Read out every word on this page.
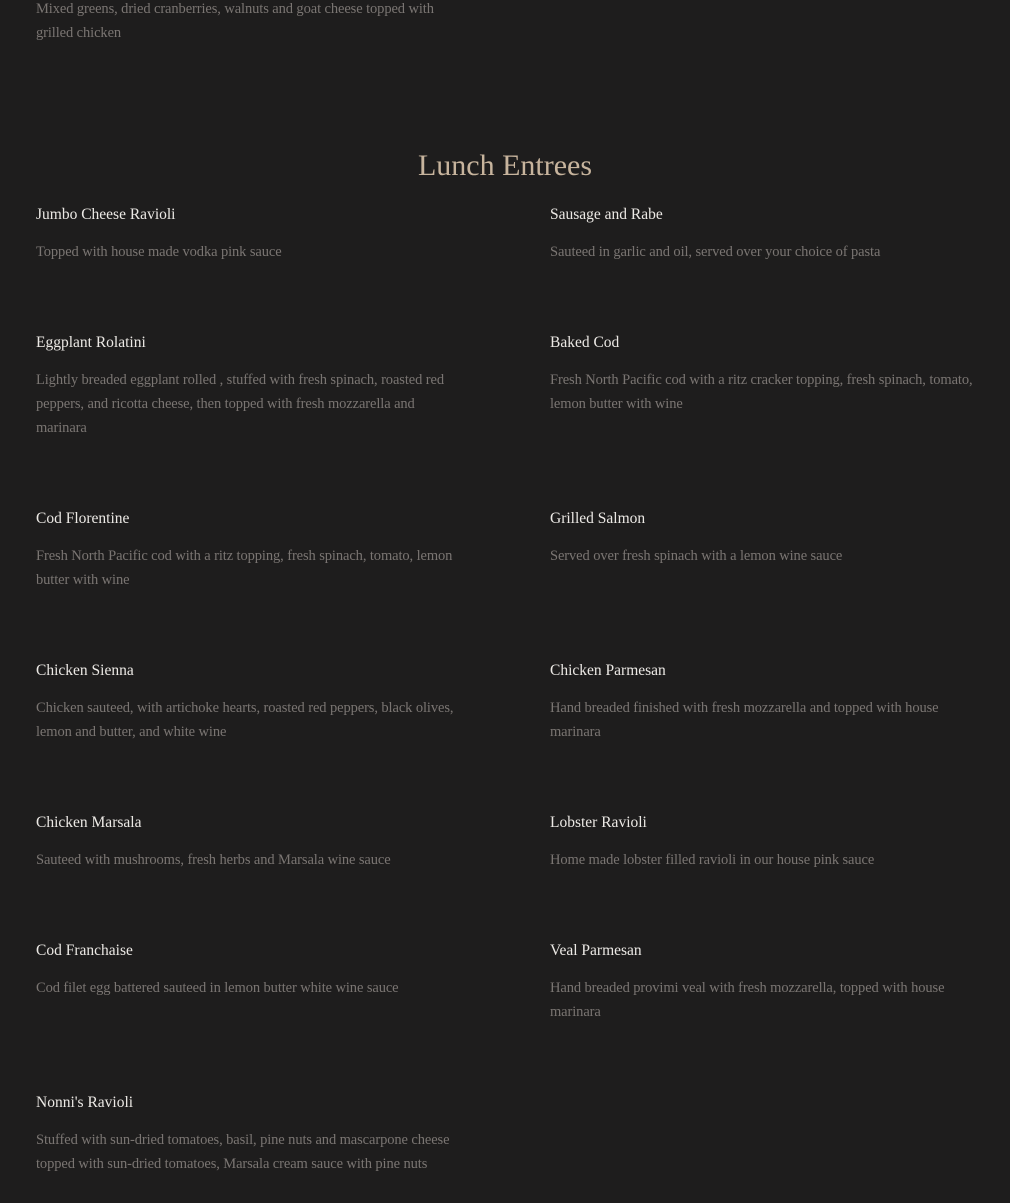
Mixed greens, dried cranberries, walnuts and goat cheese topped with grilled chicken
Lunch Entrees
Jumbo Cheese Ravioli
Topped with house made vodka pink sauce
Sausage and Rabe
Sauteed in garlic and oil, served over your choice of pasta
Eggplant Rolatini
Lightly breaded eggplant rolled , stuffed with fresh spinach, roasted red peppers, and ricotta cheese, then topped with fresh mozzarella and marinara
Baked Cod
Fresh North Pacific cod with a ritz cracker topping, fresh spinach, tomato, lemon butter with wine
Cod Florentine
Fresh North Pacific cod with a ritz topping, fresh spinach, tomato, lemon butter with wine
Grilled Salmon
Served over fresh spinach with a lemon wine sauce
Chicken Sienna
Chicken sauteed, with artichoke hearts, roasted red peppers, black olives, lemon and butter, and white wine
Chicken Parmesan
Hand breaded finished with fresh mozzarella and topped with house marinara
Chicken Marsala
Sauteed with mushrooms, fresh herbs and Marsala wine sauce
Lobster Ravioli
Home made lobster filled ravioli in our house pink sauce
Cod Franchaise
Cod filet egg battered sauteed in lemon butter white wine sauce
Veal Parmesan
Hand breaded provimi veal with fresh mozzarella, topped with house marinara
Nonni's Ravioli
Stuffed with sun-dried tomatoes, basil, pine nuts and mascarpone cheese topped with sun-dried tomatoes, Marsala cream sauce with pine nuts
